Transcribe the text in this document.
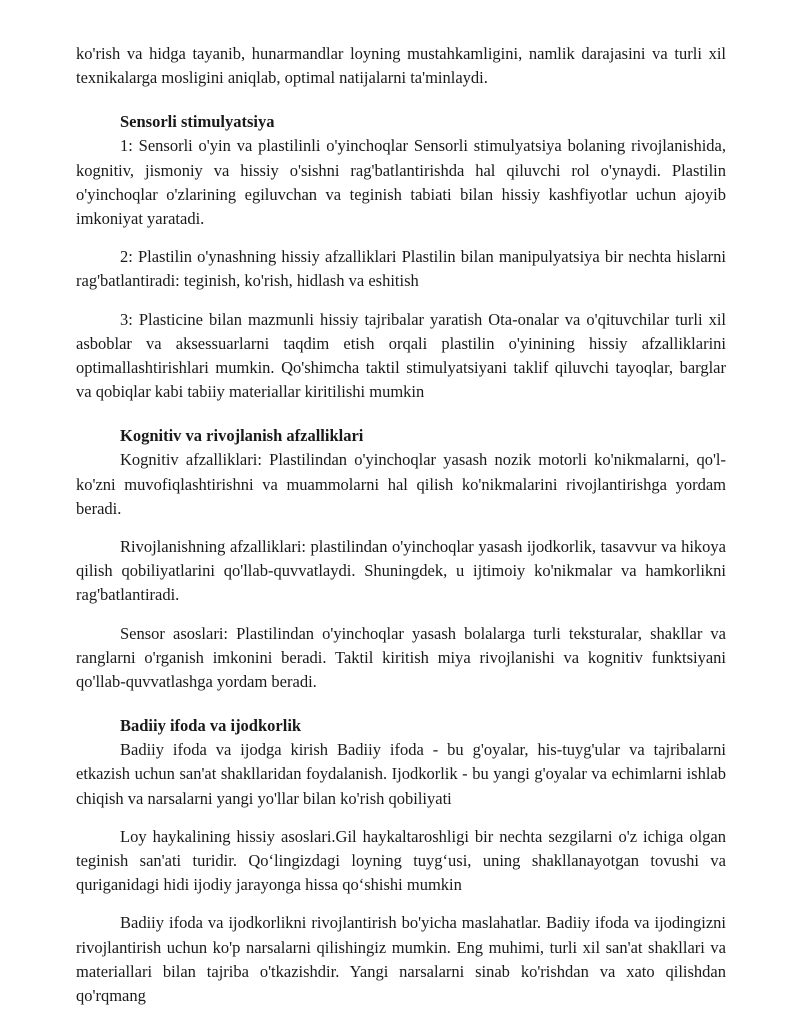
ko'rish va hidga tayanib, hunarmandlar loyning mustahkamligini, namlik darajasini va turli xil texnikalarga mosligini aniqlab, optimal natijalarni ta'minlaydi.

Sensorli stimulyatsiya

1: Sensorli o'yin va plastilinli o'yinchoqlar Sensorli stimulyatsiya bolaning rivojlanishida, kognitiv, jismoniy va hissiy o'sishni rag'batlantirishda hal qiluvchi rol o'ynaydi. Plastilin o'yinchoqlar o'zlarining egiluvchan va teginish tabiati bilan hissiy kashfiyotlar uchun ajoyib imkoniyat yaratadi.

2: Plastilin o'ynashning hissiy afzalliklari Plastilin bilan manipulyatsiya bir nechta hislarni rag'batlantiradi: teginish, ko'rish, hidlash va eshitish

3: Plasticine bilan mazmunli hissiy tajribalar yaratish Ota-onalar va o'qituvchilar turli xil asboblar va aksessuarlarni taqdim etish orqali plastilin o'yinining hissiy afzalliklarini optimallashtirishlari mumkin. Qo'shimcha taktil stimulyatsiyani taklif qiluvchi tayoqlar, barglar va qobiqlar kabi tabiiy materiallar kiritilishi mumkin

Kognitiv va rivojlanish afzalliklari

Kognitiv afzalliklari: Plastilindan o'yinchoqlar yasash nozik motorli ko'nikmalarni, qo'l-ko'zni muvofiqlashtirishni va muammolarni hal qilish ko'nikmalarini rivojlantirishga yordam beradi.

Rivojlanishning afzalliklari: plastilindan o'yinchoqlar yasash ijodkorlik, tasavvur va hikoya qilish qobiliyatlarini qo'llab-quvvatlaydi. Shuningdek, u ijtimoiy ko'nikmalar va hamkorlikni rag'batlantiradi.

Sensor asoslari: Plastilindan o'yinchoqlar yasash bolalarga turli teksturalar, shakllar va ranglarni o'rganish imkonini beradi. Taktil kiritish miya rivojlanishi va kognitiv funktsiyani qo'llab-quvvatlashga yordam beradi.

Badiiy ifoda va ijodkorlik

Badiiy ifoda va ijodga kirish Badiiy ifoda - bu g'oyalar, his-tuyg'ular va tajribalarni etkazish uchun san'at shakllaridan foydalanish. Ijodkorlik - bu yangi g'oyalar va echimlarni ishlab chiqish va narsalarni yangi yo'llar bilan ko'rish qobiliyati

Loy haykalining hissiy asoslari.Gil haykaltaroshligi bir nechta sezgilarni o'z ichiga olgan teginish san'ati turidir. Qo‘lingizdagi loyning tuyg‘usi, uning shakllanayotgan tovushi va quriganidagi hidi ijodiy jarayonga hissa qo‘shishi mumkin

Badiiy ifoda va ijodkorlikni rivojlantirish bo'yicha maslahatlar. Badiiy ifoda va ijodingizni rivojlantirish uchun ko'p narsalarni qilishingiz mumkin. Eng muhimi, turli xil san'at shakllari va materiallari bilan tajriba o'tkazishdir. Yangi narsalarni sinab ko'rishdan va xato qilishdan qo'rqmang
